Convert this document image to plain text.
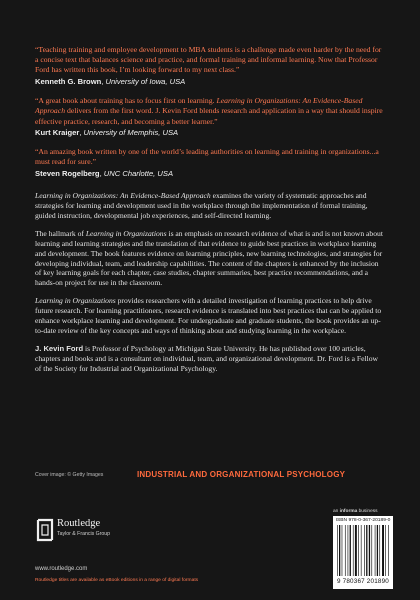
“Teaching training and employee development to MBA students is a challenge made even harder by the need for a concise text that balances science and practice, and formal training and informal learning. Now that Professor Ford has written this book, I’m looking forward to my next class.”

Kenneth G. Brown, University of Iowa, USA

“A great book about training has to focus first on learning. Learning in Organizations: An Evidence-Based Approach delivers from the first word. J. Kevin Ford blends research and application in a way that should inspire effective practice, research, and becoming a better learner.”

Kurt Kraiger, University of Memphis, USA

“An amazing book written by one of the world’s leading authorities on learning and training in organizations...a must read for sure.”

Steven Rogelberg, UNC Charlotte, USA

Learning in Organizations: An Evidence-Based Approach examines the variety of systematic approaches and strategies for learning and development used in the workplace through the implementation of formal training, guided instruction, developmental job experiences, and self-directed learning.

The hallmark of Learning in Organizations is an emphasis on research evidence of what is and is not known about learning and learning strategies and the translation of that evidence to guide best practices in workplace learning and development. The book features evidence on learning principles, new learning technologies, and strategies for developing individual, team, and leadership capabilities. The content of the chapters is enhanced by the inclusion of key learning goals for each chapter, case studies, chapter summaries, best practice recommendations, and a hands-on project for use in the classroom.

Learning in Organizations provides researchers with a detailed investigation of learning practices to help drive future research. For learning practitioners, research evidence is translated into best practices that can be applied to enhance workplace learning and development. For undergraduate and graduate students, the book provides an up-to-date review of the key concepts and ways of thinking about and studying learning in the workplace.

J. Kevin Ford is Professor of Psychology at Michigan State University. He has published over 100 articles, chapters and books and is a consultant on individual, team, and organizational development. Dr. Ford is a Fellow of the Society for Industrial and Organizational Psychology.

Cover image: © Getty Images	INDUSTRIAL AND ORGANIZATIONAL PSYCHOLOGY
Routledge
Taylor & Francis Group
www.routledge.com
Routledge titles are available as eBook editions in a range of digital formats
an informa business
ISBN 978-0-367-20189-0
9 780367 201890
